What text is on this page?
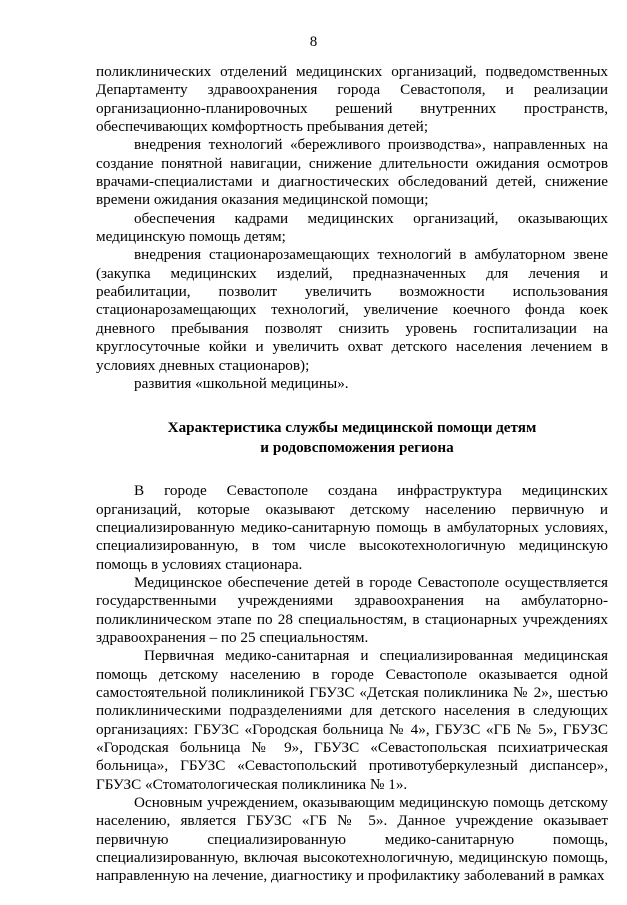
8

поликлинических отделений медицинских организаций, подведомственных Департаменту здравоохранения города Севастополя, и реализации организационно-планировочных решений внутренних пространств, обеспечивающих комфортность пребывания детей;

внедрения технологий «бережливого производства», направленных на создание понятной навигации, снижение длительности ожидания осмотров врачами-специалистами и диагностических обследований детей, снижение времени ожидания оказания медицинской помощи;

обеспечения кадрами медицинских организаций, оказывающих медицинскую помощь детям;

внедрения стационарозамещающих технологий в амбулаторном звене (закупка медицинских изделий, предназначенных для лечения и реабилитации, позволит увеличить возможности использования стационарозамещающих технологий, увеличение коечного фонда коек дневного пребывания позволят снизить уровень госпитализации на круглосуточные койки и увеличить охват детского населения лечением в условиях дневных стационаров);

развития «школьной медицины».

Характеристика службы медицинской помощи детям
и родовспоможения региона

В городе Севастополе создана инфраструктура медицинских организаций, которые оказывают детскому населению первичную и специализированную медико-санитарную помощь в амбулаторных условиях, специализированную, в том числе высокотехнологичную медицинскую помощь в условиях стационара.

Медицинское обеспечение детей в городе Севастополе осуществляется государственными учреждениями здравоохранения на амбулаторно-поликлиническом этапе по 28 специальностям, в стационарных учреждениях здравоохранения – по 25 специальностям.

Первичная медико-санитарная и специализированная медицинская помощь детскому населению в городе Севастополе оказывается одной самостоятельной поликлиникой ГБУЗС «Детская поликлиника № 2», шестью поликлиническими подразделениями для детского населения в следующих организациях: ГБУЗС «Городская больница № 4», ГБУЗС «ГБ № 5», ГБУЗС «Городская больница № 9», ГБУЗС «Севастопольская психиатрическая больница», ГБУЗС «Севастопольский противотуберкулезный диспансер», ГБУЗС «Стоматологическая поликлиника № 1».

Основным учреждением, оказывающим медицинскую помощь детскому населению, является ГБУЗС «ГБ № 5». Данное учреждение оказывает первичную специализированную медико-санитарную помощь, специализированную, включая высокотехнологичную, медицинскую помощь, направленную на лечение, диагностику и профилактику заболеваний в рамках
